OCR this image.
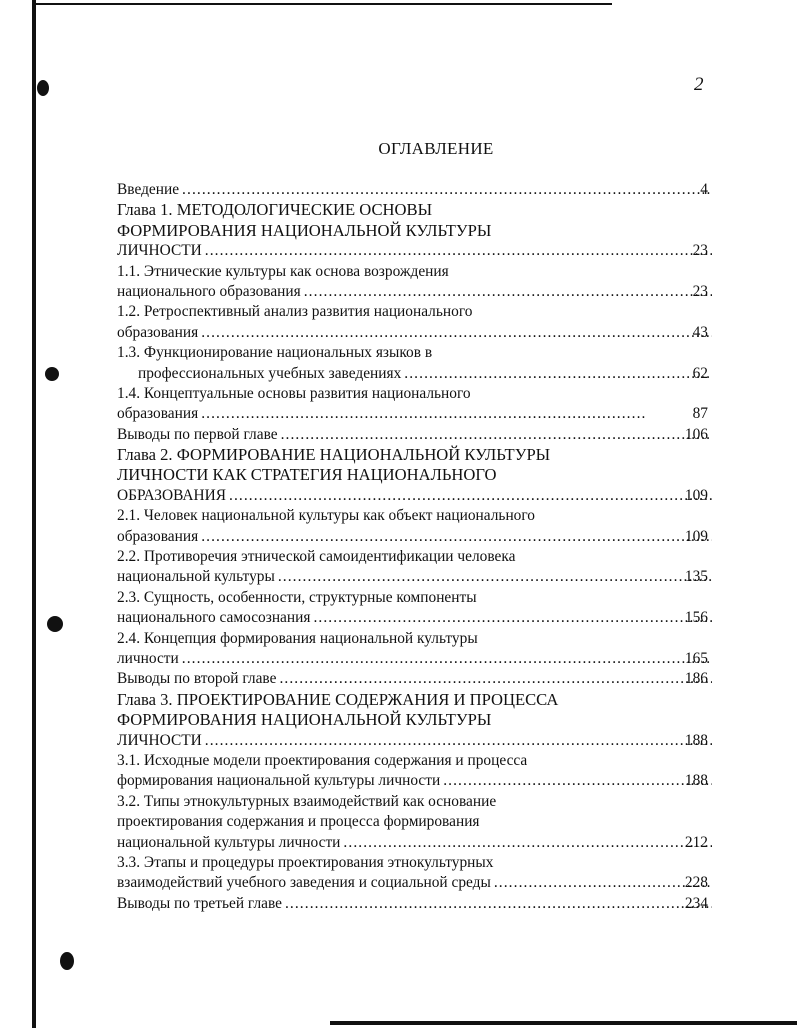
2
ОГЛАВЛЕНИЕ
Введение .....	4
Глава 1. МЕТОДОЛОГИЧЕСКИЕ ОСНОВЫ
ФОРМИРОВАНИЯ НАЦИОНАЛЬНОЙ КУЛЬТУРЫ
ЛИЧНОСТИ .....	23
1.1. Этнические культуры как основа возрождения
национального образования .....	23
1.2. Ретроспективный анализ развития национального
образования .....	43
1.3. Функционирование национальных языков в
профессиональных учебных заведениях .....	62
1.4. Концептуальные основы развития национального
образования .....	87
Выводы по первой главе .....	106
Глава 2. ФОРМИРОВАНИЕ НАЦИОНАЛЬНОЙ КУЛЬТУРЫ
ЛИЧНОСТИ КАК СТРАТЕГИЯ НАЦИОНАЛЬНОГО
ОБРАЗОВАНИЯ .....	109
2.1. Человек национальной культуры как объект национального
образования .....	109
2.2. Противоречия этнической самоидентификации человека
национальной культуры .....	135
2.3. Сущность, особенности, структурные компоненты
национального самосознания .....	156
2.4. Концепция формирования национальной культуры
личности .....	165
Выводы по второй главе .....	186
Глава 3. ПРОЕКТИРОВАНИЕ СОДЕРЖАНИЯ И ПРОЦЕССА
ФОРМИРОВАНИЯ НАЦИОНАЛЬНОЙ КУЛЬТУРЫ
ЛИЧНОСТИ .....	188
3.1. Исходные модели проектирования содержания и процесса
формирования национальной культуры личности .....	188
3.2. Типы этнокультурных взаимодействий как основание
проектирования содержания и процесса формирования
национальной культуры личности .....	212
3.3. Этапы и процедуры проектирования этнокультурных
взаимодействий учебного заведения и социальной среды .....	228
Выводы по третьей главе .....	234
